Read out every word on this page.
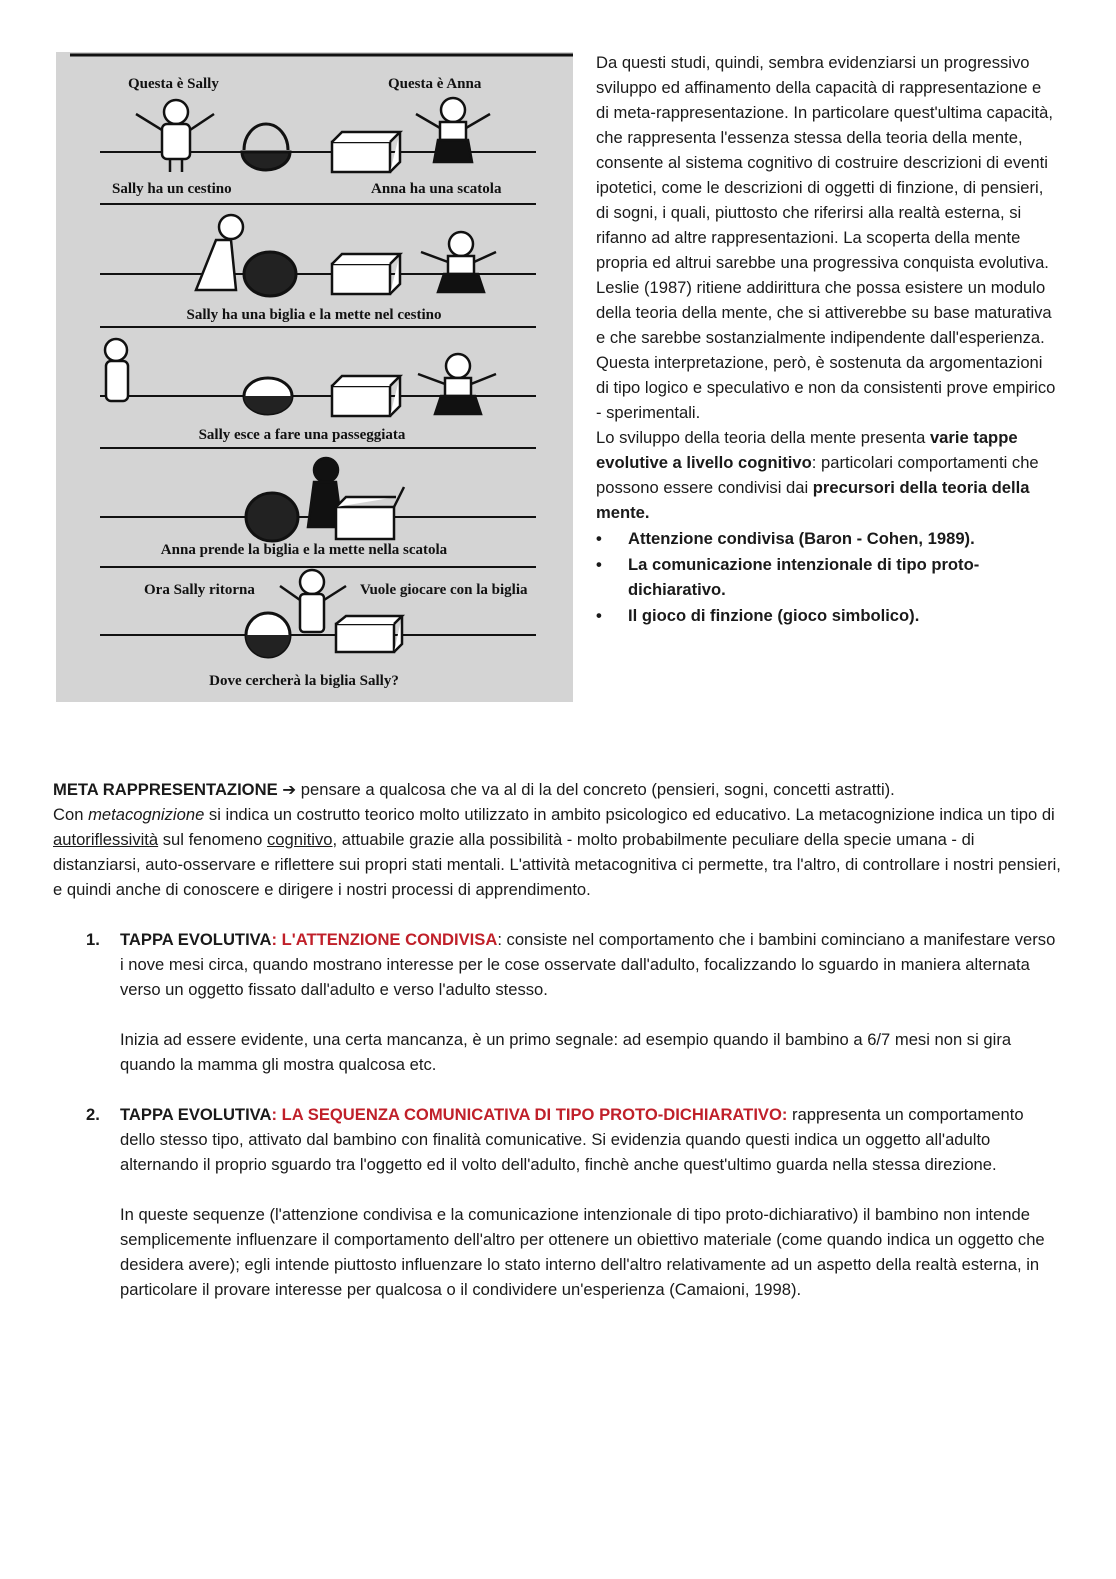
Questa è Sally	Questa è Anna
Sally ha un cestino	Anna ha una scatola
Sally ha una biglia e la mette nel cestino
Sally esce a fare una passeggiata
Anna prende la biglia e la mette nella scatola
Ora Sally ritorna	Vuole giocare con la biglia
Dove cercherà la biglia Sally?

Da questi studi, quindi, sembra evidenziarsi un progressivo sviluppo ed affinamento della capacità di rappresentazione e di meta-rappresentazione. In particolare quest'ultima capacità, che rappresenta l'essenza stessa della teoria della mente, consente al sistema cognitivo di costruire descrizioni di eventi ipotetici, come le descrizioni di oggetti di finzione, di pensieri, di sogni, i quali, piuttosto che riferirsi alla realtà esterna, si rifanno ad altre rappresentazioni. La scoperta della mente propria ed altrui sarebbe una progressiva conquista evolutiva. Leslie (1987) ritiene addirittura che possa esistere un modulo della teoria della mente, che si attiverebbe su base maturativa e che sarebbe sostanzialmente indipendente dall'esperienza. Questa interpretazione, però, è sostenuta da argomentazioni di tipo logico e speculativo e non da consistenti prove empirico - sperimentali.

Lo sviluppo della teoria della mente presenta varie tappe evolutive a livello cognitivo: particolari comportamenti che possono essere condivisi dai precursori della teoria della mente.

• Attenzione condivisa (Baron - Cohen, 1989).
• La comunicazione intenzionale di tipo proto-dichiarativo.
• Il gioco di finzione (gioco simbolico).

META RAPPRESENTAZIONE ➔ pensare a qualcosa che va al di la del concreto (pensieri, sogni, concetti astratti).

Con metacognizione si indica un costrutto teorico molto utilizzato in ambito psicologico ed educativo. La metacognizione indica un tipo di autoriflessività sul fenomeno cognitivo, attuabile grazie alla possibilità - molto probabilmente peculiare della specie umana - di distanziarsi, auto-osservare e riflettere sui propri stati mentali. L'attività metacognitiva ci permette, tra l'altro, di controllare i nostri pensieri, e quindi anche di conoscere e dirigere i nostri processi di apprendimento.

1. TAPPA EVOLUTIVA: L'ATTENZIONE CONDIVISA: consiste nel comportamento che i bambini cominciano a manifestare verso i nove mesi circa, quando mostrano interesse per le cose osservate dall'adulto, focalizzando lo sguardo in maniera alternata verso un oggetto fissato dall'adulto e verso l'adulto stesso.

Inizia ad essere evidente, una certa mancanza, è un primo segnale: ad esempio quando il bambino a 6/7 mesi non si gira quando la mamma gli mostra qualcosa etc.

2. TAPPA EVOLUTIVA: LA SEQUENZA COMUNICATIVA DI TIPO PROTO-DICHIARATIVO: rappresenta un comportamento dello stesso tipo, attivato dal bambino con finalità comunicative. Si evidenzia quando questi indica un oggetto all'adulto alternando il proprio sguardo tra l'oggetto ed il volto dell'adulto, finchè anche quest'ultimo guarda nella stessa direzione.

In queste sequenze (l'attenzione condivisa e la comunicazione intenzionale di tipo proto-dichiarativo) il bambino non intende semplicemente influenzare il comportamento dell'altro per ottenere un obiettivo materiale (come quando indica un oggetto che desidera avere); egli intende piuttosto influenzare lo stato interno dell'altro relativamente ad un aspetto della realtà esterna, in particolare il provare interesse per qualcosa o il condividere un'esperienza (Camaioni, 1998).
